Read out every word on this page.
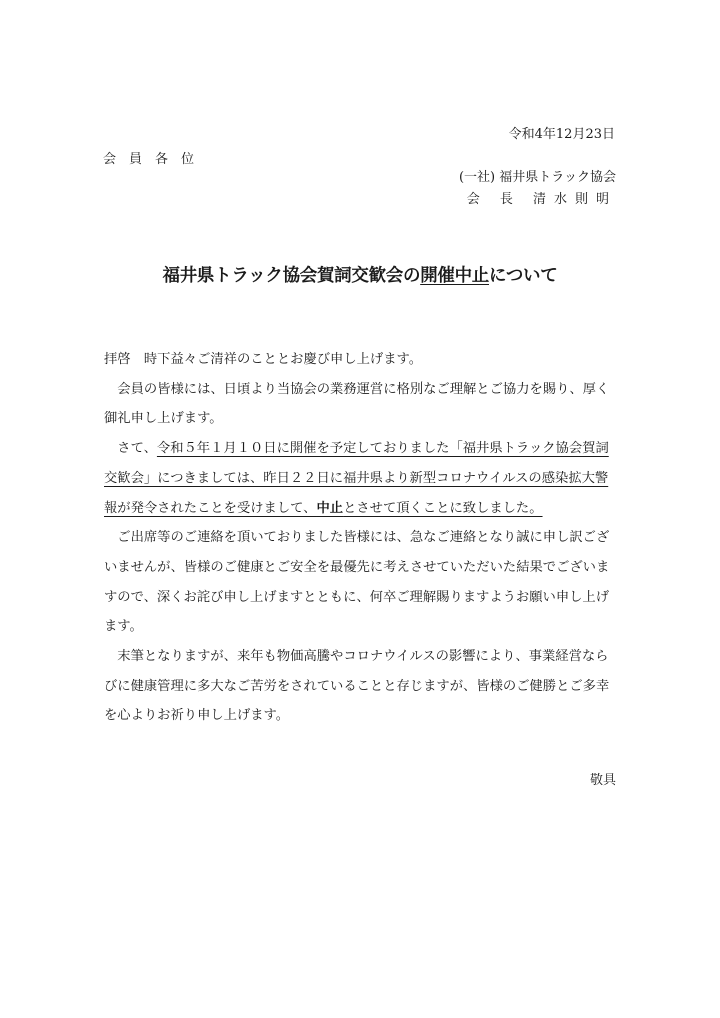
令和4年12月23日
会員各位
(一社) 福井県トラック協会
会 長 清水則明
福井県トラック協会賀詞交歓会の開催中止について

拝啓　時下益々ご清祥のこととお慶び申し上げます。

会員の皆様には、日頃より当協会の業務運営に格別なご理解とご協力を賜り、厚く御礼申し上げます。

さて、令和５年１月１０日に開催を予定しておりました「福井県トラック協会賀詞交歓会」につきましては、昨日２２日に福井県より新型コロナウイルスの感染拡大警報が発令されたことを受けまして、中止とさせて頂くことに致しました。

ご出席等のご連絡を頂いておりました皆様には、急なご連絡となり誠に申し訳ございませんが、皆様のご健康とご安全を最優先に考えさせていただいた結果でございますので、深くお詫び申し上げますとともに、何卒ご理解賜りますようお願い申し上げます。

末筆となりますが、来年も物価高騰やコロナウイルスの影響により、事業経営ならびに健康管理に多大なご苦労をされていることと存じますが、皆様のご健勝とご多幸を心よりお祈り申し上げます。

敬具
